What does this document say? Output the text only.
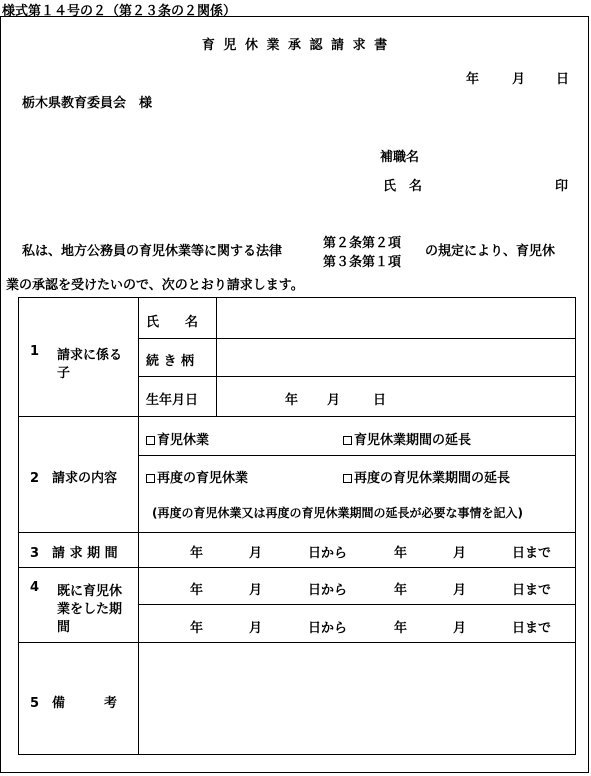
様式第１４号の２（第２３条の２関係）
育 児 休 業 承 認 請 求 書
年	月 日
栃木県教育委員会　様
補職名
氏　名	印
私は、地方公務員の育児休業等に関する法律
第２条第２項
第３条第１項
の規定により、育児休
業の承認を受けたいので、次のとおり請求します。
1 請求に係る
子
氏　　名
続 き 柄
生年月日	年 月	日
2　請求の内容
育児休業	育児休業期間の延長
再度の育児休業	再度の育児休業期間の延長
(再度の育児休業又は再度の育児休業期間の延長が必要な事情を記入)
3　請 求 期 間	年	月	日から	年	月	日まで
4 既に育児休
業をした期
間
年	月	日から	年	月	日まで
年	月	日から	年	月	日まで
5　備　　　考
